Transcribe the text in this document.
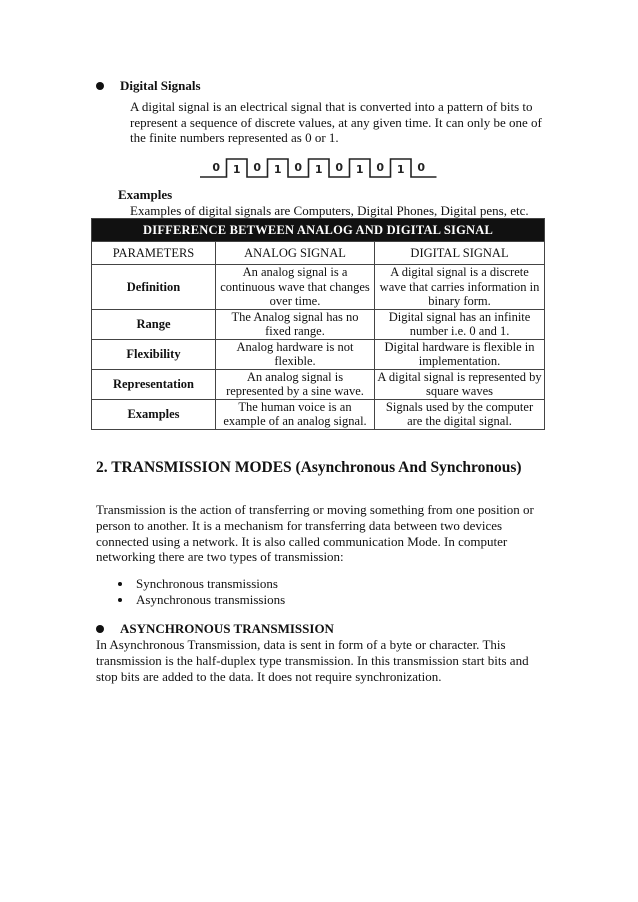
Digital Signals
A digital signal is an electrical signal that is converted into a pattern of bits to represent a sequence of discrete values, at any given time. It can only be one of the finite numbers represented as 0 or 1.
0 1 0 1 0 1 0 1 0 1 0
Examples
Examples of digital signals are Computers, Digital Phones, Digital pens, etc.
DIFFERENCE BETWEEN ANALOG AND DIGITAL SIGNAL		
PARAMETERS	ANALOG SIGNAL	DIGITAL SIGNAL
Definition	An analog signal is a continuous wave that changes over time.	A digital signal is a discrete wave that carries information in binary form.
Range	The Analog signal has no fixed range.	Digital signal has an infinite number i.e. 0 and 1.
Flexibility	Analog hardware is not flexible.	Digital hardware is flexible in implementation.
Representation	An analog signal is represented by a sine wave.	A digital signal is represented by square waves
Examples	The human voice is an example of an analog signal.	Signals used by the computer are the digital signal.
2. TRANSMISSION MODES (Asynchronous And Synchronous)
Transmission is the action of transferring or moving something from one position or person to another. It is a mechanism for transferring data between two devices connected using a network. It is also called communication Mode. In computer networking there are two types of transmission:
Synchronous transmissions
Asynchronous transmissions
ASYNCHRONOUS TRANSMISSION
In Asynchronous Transmission, data is sent in form of a byte or character. This transmission is the half-duplex type transmission. In this transmission start bits and stop bits are added to the data. It does not require synchronization.
